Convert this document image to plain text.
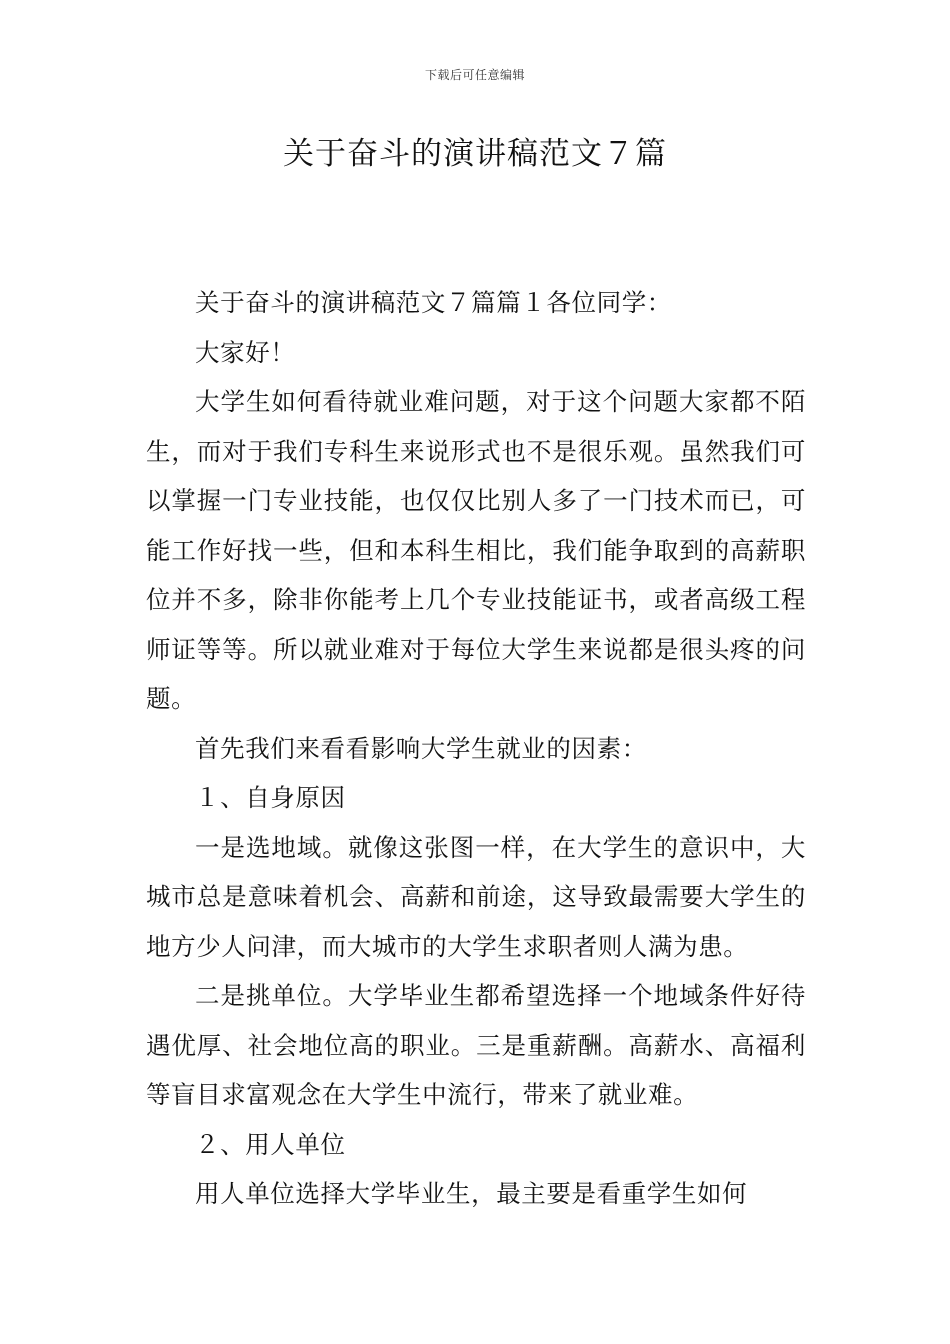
下载后可任意编辑
关于奋斗的演讲稿范文７篇

关于奋斗的演讲稿范文７篇篇１各位同学：

大家好！

大学生如何看待就业难问题，对于这个问题大家都不陌生，而对于我们专科生来说形式也不是很乐观。虽然我们可以掌握一门专业技能，也仅仅比别人多了一门技术而已，可能工作好找一些，但和本科生相比，我们能争取到的高薪职位并不多，除非你能考上几个专业技能证书，或者高级工程师证等等。所以就业难对于每位大学生来说都是很头疼的问题。

首先我们来看看影响大学生就业的因素：

１、自身原因

一是选地域。就像这张图一样，在大学生的意识中，大城市总是意味着机会、高薪和前途，这导致最需要大学生的地方少人问津，而大城市的大学生求职者则人满为患。

二是挑单位。大学毕业生都希望选择一个地域条件好待遇优厚、社会地位高的职业。三是重薪酬。高薪水、高福利等盲目求富观念在大学生中流行，带来了就业难。

２、用人单位

用人单位选择大学毕业生，最主要是看重学生如何
